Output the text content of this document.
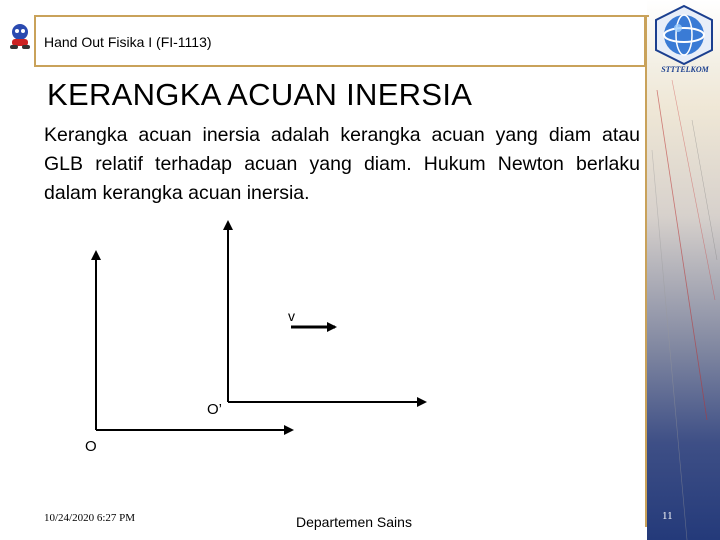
Hand Out Fisika I (FI-1113)
STTTELKOM
KERANGKA ACUAN INERSIA
Kerangka acuan inersia adalah kerangka acuan yang diam atau GLB relatif terhadap acuan yang diam. Hukum Newton berlaku dalam kerangka acuan inersia.
v
O’
O
10/24/2020 6:27 PM	Departemen Sains	11
